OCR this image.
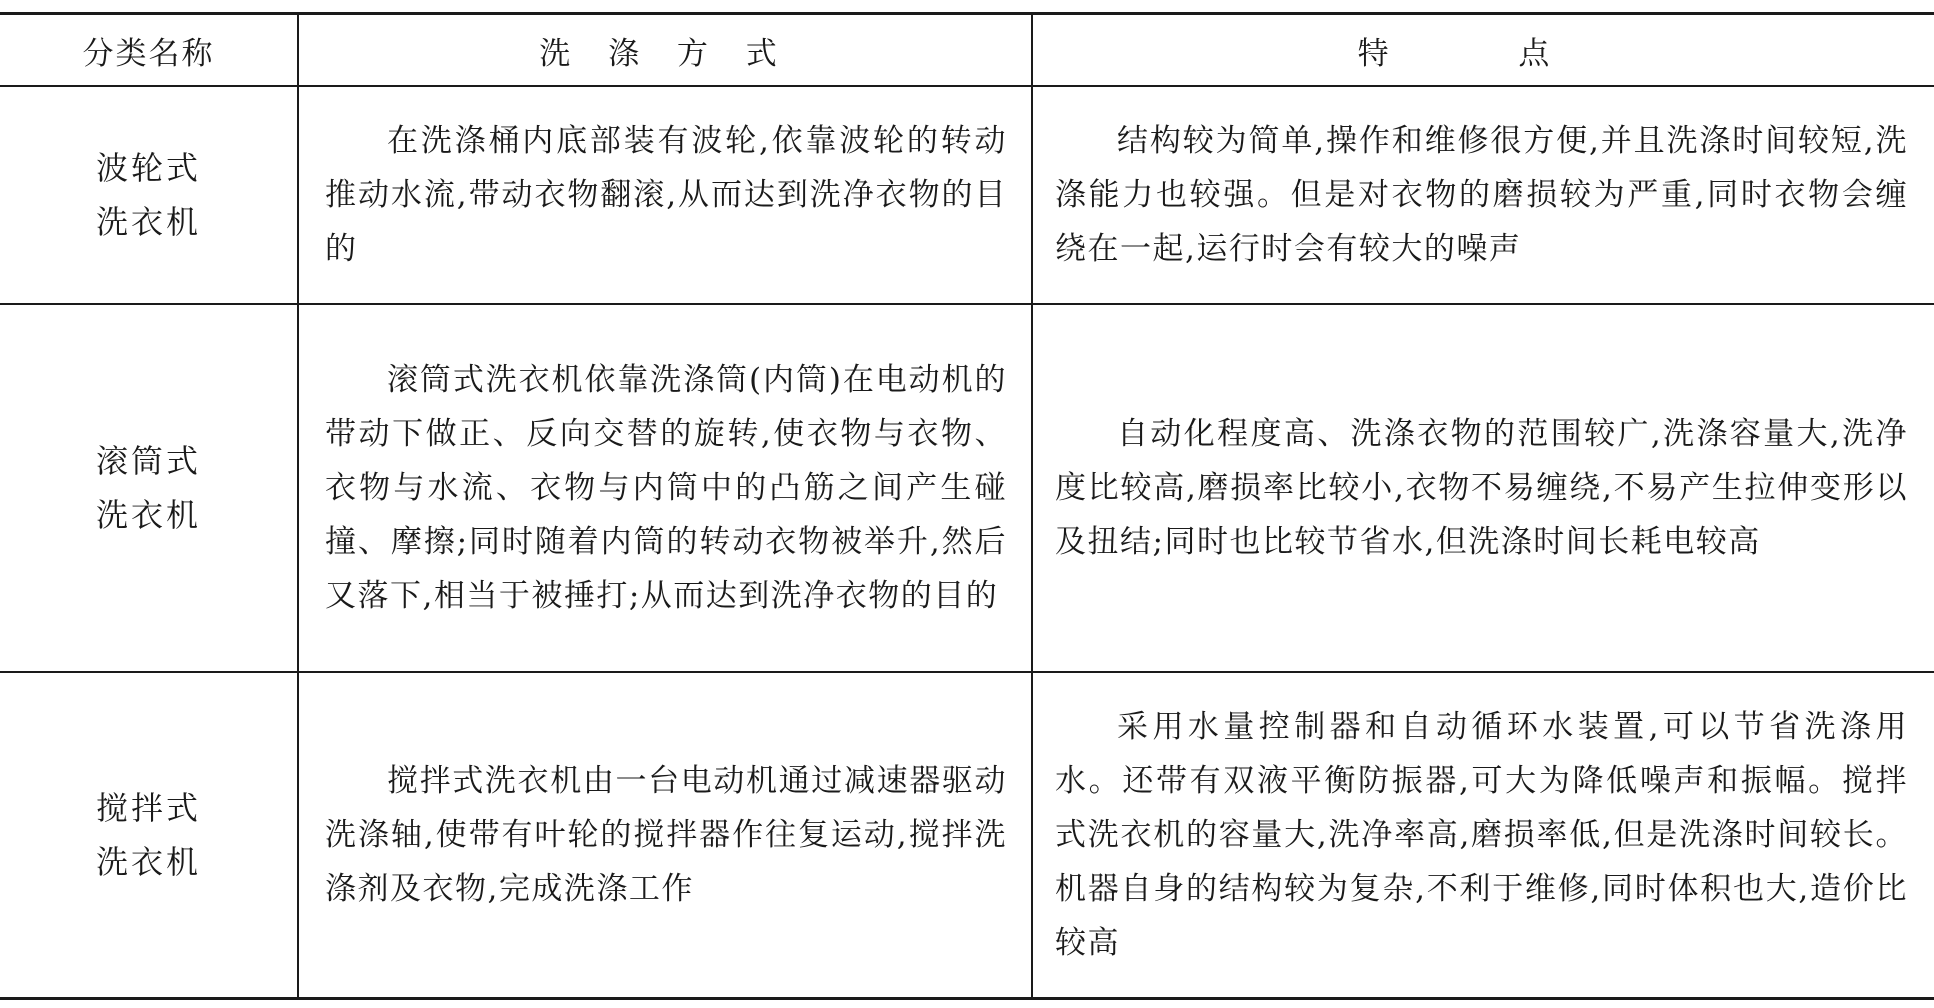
分类名称	洗 涤 方 式	特 点

波轮式
洗衣机	在洗涤桶内底部装有波轮,依靠波轮的转动推动水流,带动衣物翻滚,从而达到洗净衣物的目的	结构较为简单,操作和维修很方便,并且洗涤时间较短,洗涤能力也较强。但是对衣物的磨损较为严重,同时衣物会缠绕在一起,运行时会有较大的噪声

滚筒式
洗衣机	滚筒式洗衣机依靠洗涤筒(内筒)在电动机的带动下做正、反向交替的旋转,使衣物与衣物、衣物与水流、衣物与内筒中的凸筋之间产生碰撞、摩擦;同时随着内筒的转动衣物被举升,然后又落下,相当于被捶打;从而达到洗净衣物的目的	自动化程度高、洗涤衣物的范围较广,洗涤容量大,洗净度比较高,磨损率比较小,衣物不易缠绕,不易产生拉伸变形以及扭结;同时也比较节省水,但洗涤时间长耗电较高

搅拌式
洗衣机	搅拌式洗衣机由一台电动机通过减速器驱动洗涤轴,使带有叶轮的搅拌器作往复运动,搅拌洗涤剂及衣物,完成洗涤工作	采用水量控制器和自动循环水装置,可以节省洗涤用水。还带有双液平衡防振器,可大为降低噪声和振幅。搅拌式洗衣机的容量大,洗净率高,磨损率低,但是洗涤时间较长。机器自身的结构较为复杂,不利于维修,同时体积也大,造价比较高
